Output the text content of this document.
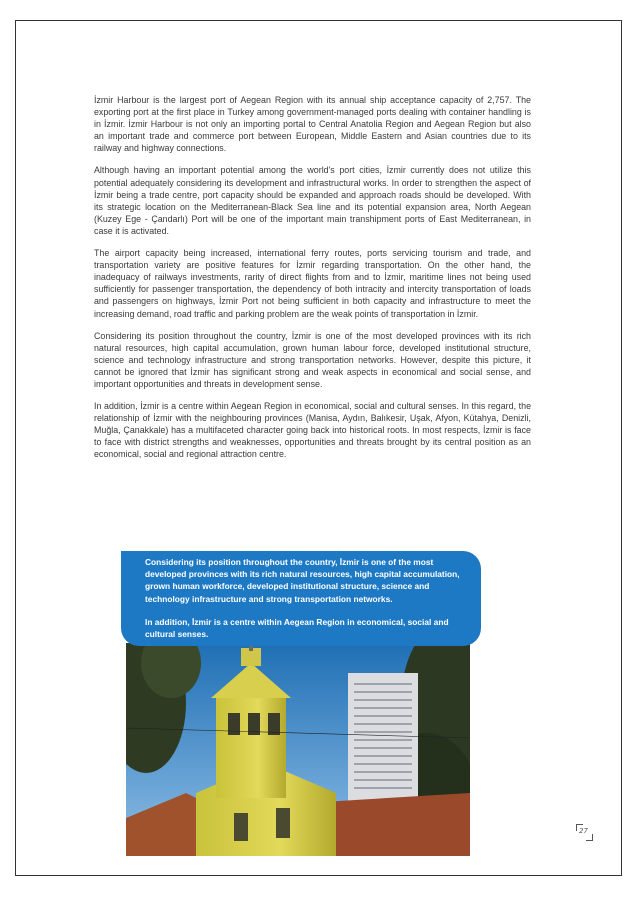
İzmir Harbour is the largest port of Aegean Region with its annual ship acceptance capacity of 2,757. The exporting port at the first place in Turkey among government-managed ports dealing with container handling is in İzmir. İzmir Harbour is not only an importing portal to Central Anatolia Region and Aegean Region but also an important trade and commerce port between European, Middle Eastern and Asian countries due to its railway and highway connections.

Although having an important potential among the world's port cities, İzmir currently does not utilize this potential adequately considering its development and infrastructural works. In order to strengthen the aspect of İzmir being a trade centre, port capacity should be expanded and approach roads should be developed. With its strategic location on the Mediterranean-Black Sea line and its potential expansion area, North Aegean (Kuzey Ege - Çandarlı) Port will be one of the important main transhipment ports of East Mediterranean, in case it is activated.

The airport capacity being increased, international ferry routes, ports servicing tourism and trade, and transportation variety are positive features for İzmir regarding transportation. On the other hand, the inadequacy of railways investments, rarity of direct flights from and to İzmir, maritime lines not being used sufficiently for passenger transportation, the dependency of both intracity and intercity transportation of loads and passengers on highways, İzmir Port not being sufficient in both capacity and infrastructure to meet the increasing demand, road traffic and parking problem are the weak points of transportation in İzmir.

Considering its position throughout the country, İzmir is one of the most developed provinces with its rich natural resources, high capital accumulation, grown human labour force, developed institutional structure, science and technology infrastructure and strong transportation networks. However, despite this picture, it cannot be ignored that İzmir has significant strong and weak aspects in economical and social sense, and important opportunities and threats in development sense.

In addition, İzmir is a centre within Aegean Region in economical, social and cultural senses. In this regard, the relationship of İzmir with the neighbouring provinces (Manisa, Aydın, Balıkesir, Uşak, Afyon, Kütahya, Denizli, Muğla, Çanakkale) has a multifaceted character going back into historical roots. In most respects, İzmir is face to face with district strengths and weaknesses, opportunities and threats brought by its central position as an economical, social and regional attraction centre.

Considering its position throughout the country, İzmir is one of the most developed provinces with its rich natural resources, high capital accumulation, grown human workforce, developed institutional structure, science and technology infrastructure and strong transportation networks.

In addition, İzmir is a centre within Aegean Region in economical, social and cultural senses.

27
